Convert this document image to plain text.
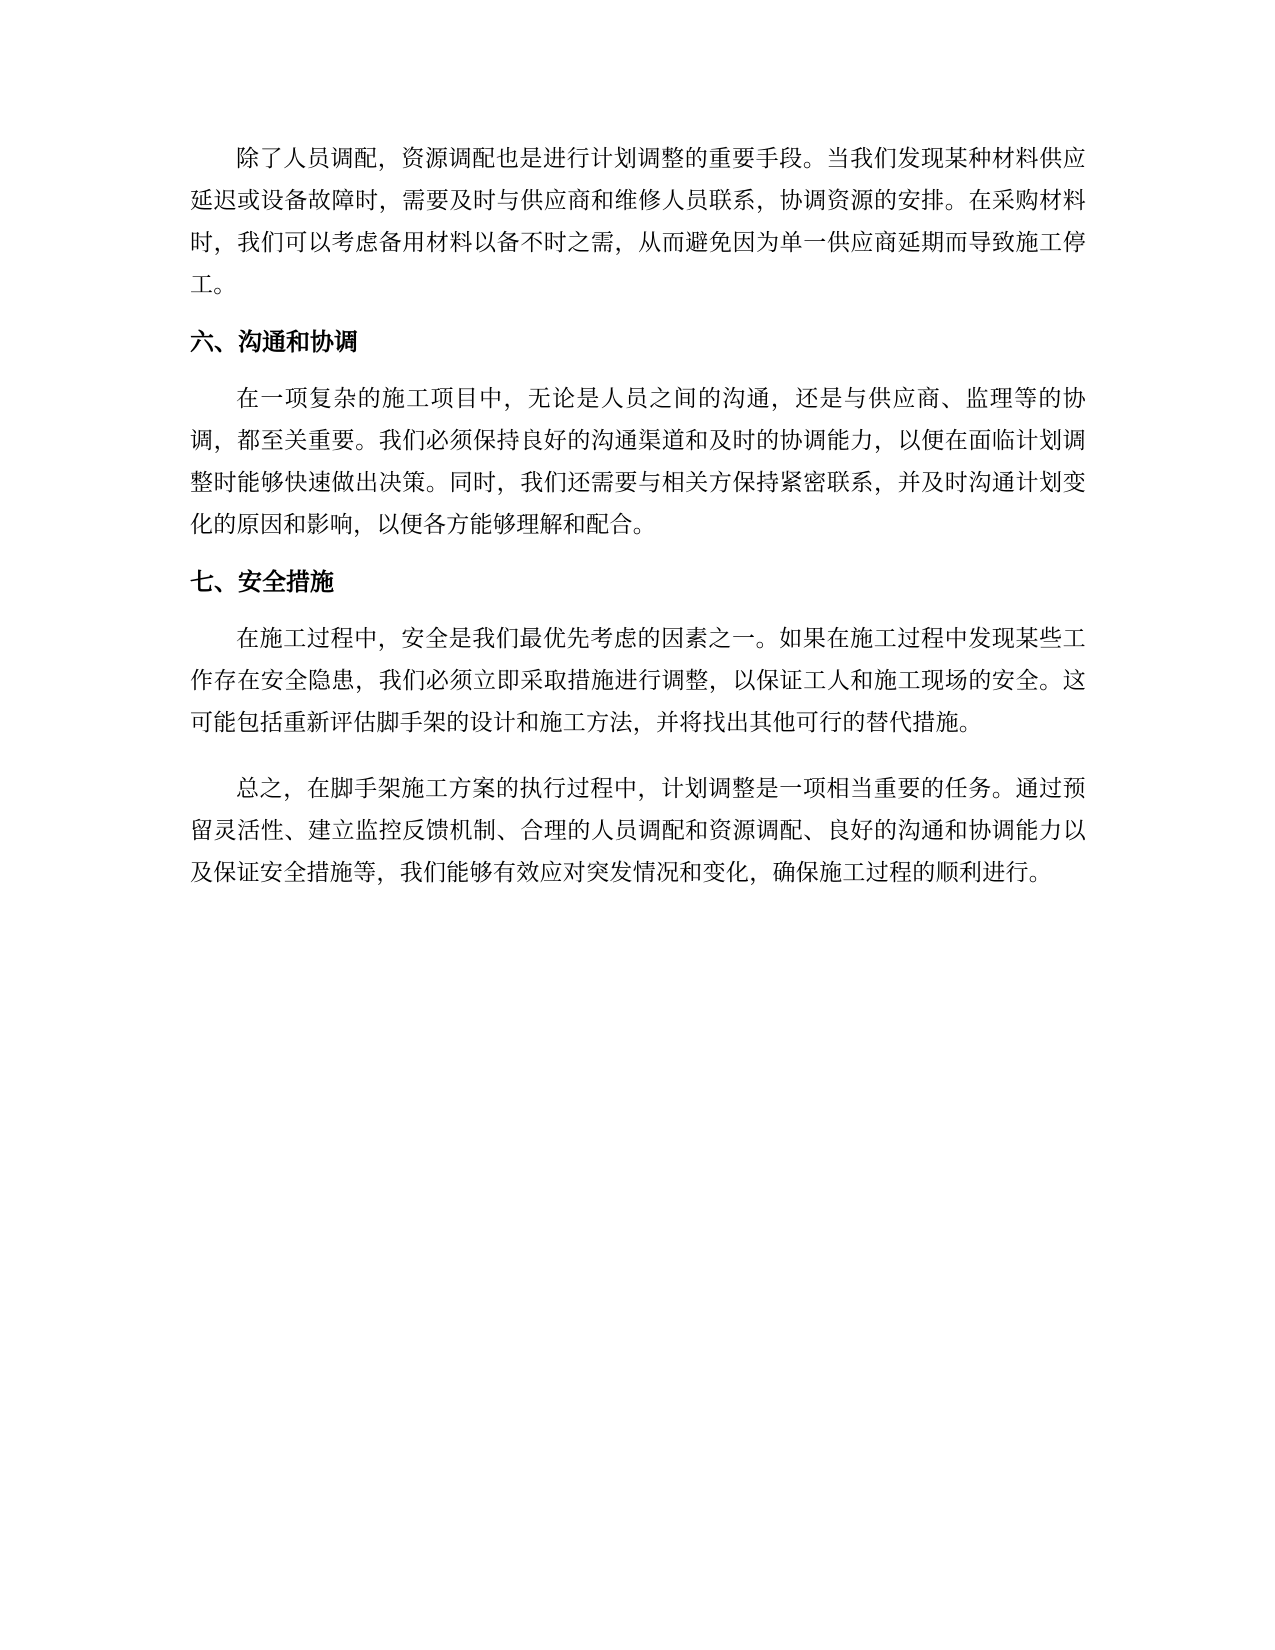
除了人员调配，资源调配也是进行计划调整的重要手段。当我们发现某种材料供应延迟或设备故障时，需要及时与供应商和维修人员联系，协调资源的安排。在采购材料时，我们可以考虑备用材料以备不时之需，从而避免因为单一供应商延期而导致施工停工。

六、沟通和协调

在一项复杂的施工项目中，无论是人员之间的沟通，还是与供应商、监理等的协调，都至关重要。我们必须保持良好的沟通渠道和及时的协调能力，以便在面临计划调整时能够快速做出决策。同时，我们还需要与相关方保持紧密联系，并及时沟通计划变化的原因和影响，以便各方能够理解和配合。

七、安全措施

在施工过程中，安全是我们最优先考虑的因素之一。如果在施工过程中发现某些工作存在安全隐患，我们必须立即采取措施进行调整，以保证工人和施工现场的安全。这可能包括重新评估脚手架的设计和施工方法，并将找出其他可行的替代措施。

总之，在脚手架施工方案的执行过程中，计划调整是一项相当重要的任务。通过预留灵活性、建立监控反馈机制、合理的人员调配和资源调配、良好的沟通和协调能力以及保证安全措施等，我们能够有效应对突发情况和变化，确保施工过程的顺利进行。
